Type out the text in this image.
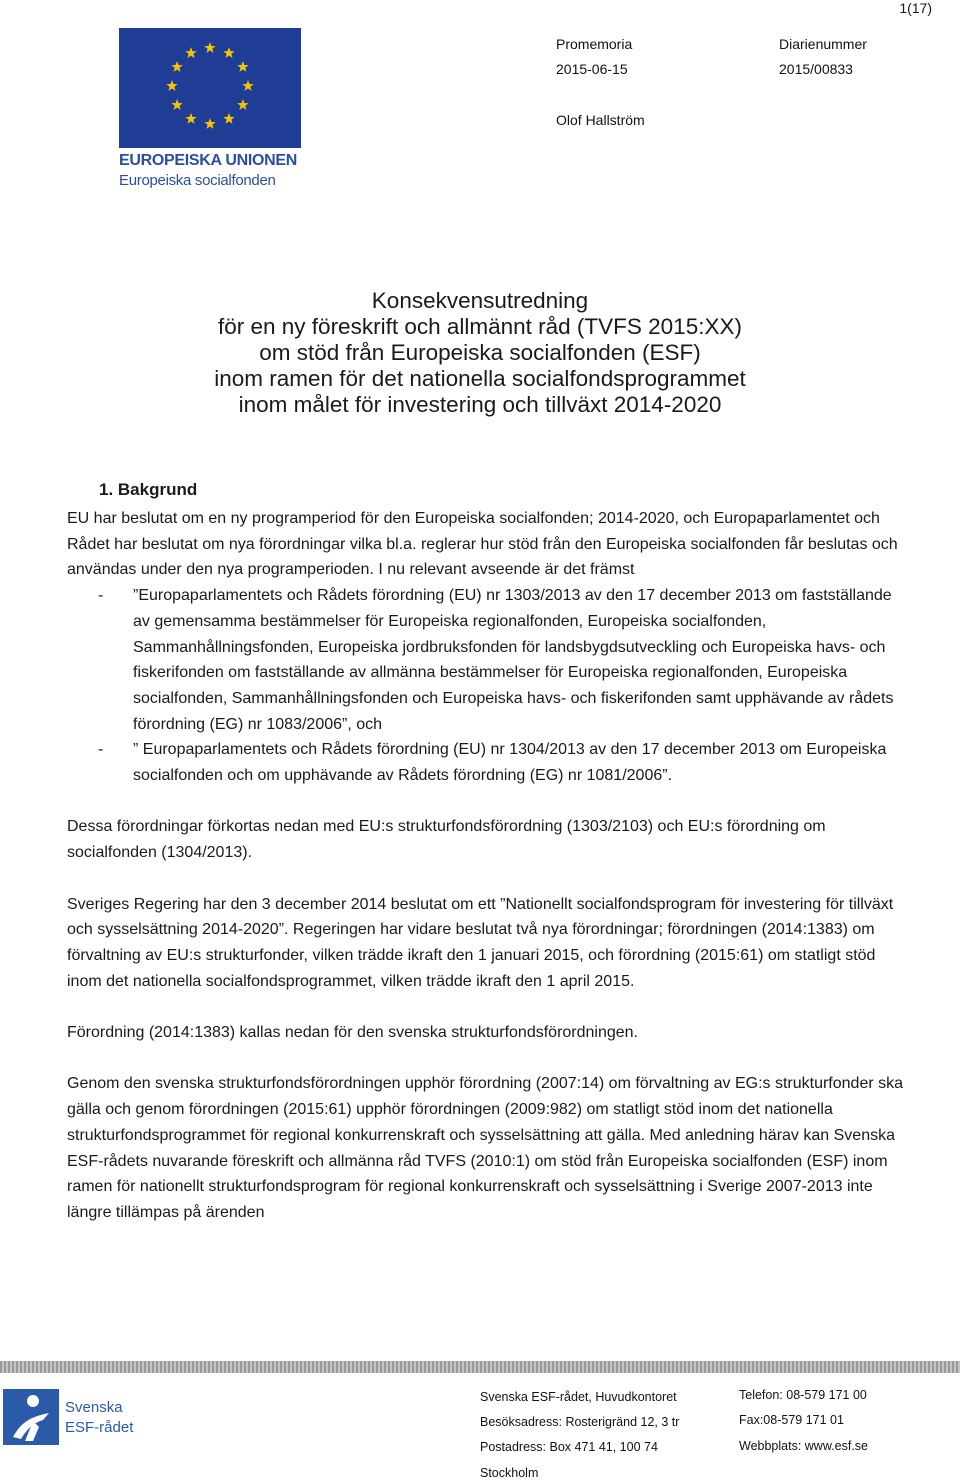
1(17)
EUROPEISKA UNIONEN
Europeiska socialfonden
Promemoria
2015-06-15
Olof Hallström
Diarienummer
2015/00833
Konsekvensutredning
för en ny föreskrift och allmännt råd (TVFS 2015:XX)
om stöd från Europeiska socialfonden (ESF)
inom ramen för det nationella socialfondsprogrammet
inom målet för investering och tillväxt 2014-2020
1. Bakgrund

EU har beslutat om en ny programperiod för den Europeiska socialfonden; 2014-2020, och Europaparlamentet och Rådet har beslutat om nya förordningar vilka bl.a. reglerar hur stöd från den Europeiska socialfonden får beslutas och användas under den nya programperioden. I nu relevant avseende är det främst

- ”Europaparlamentets och Rådets förordning (EU) nr 1303/2013 av den 17 december 2013 om fastställande av gemensamma bestämmelser för Europeiska regionalfonden, Europeiska socialfonden, Sammanhållningsfonden, Europeiska jordbruksfonden för landsbygdsutveckling och Europeiska havs- och fiskerifonden om fastställande av allmänna bestämmelser för Europeiska regionalfonden, Europeiska socialfonden, Sammanhållningsfonden och Europeiska havs- och fiskerifonden samt upphävande av rådets förordning (EG) nr 1083/2006”, och
- ” Europaparlamentets och Rådets förordning (EU) nr 1304/2013 av den 17 december 2013 om Europeiska socialfonden och om upphävande av Rådets förordning (EG) nr 1081/2006”.

Dessa förordningar förkortas nedan med EU:s strukturfondsförordning (1303/2103) och EU:s förordning om socialfonden (1304/2013).

Sveriges Regering har den 3 december 2014 beslutat om ett ”Nationellt socialfondsprogram för investering för tillväxt och sysselsättning 2014-2020”. Regeringen har vidare beslutat två nya förordningar; förordningen (2014:1383) om förvaltning av EU:s strukturfonder, vilken trädde ikraft den 1 januari 2015, och förordning (2015:61) om statligt stöd inom det nationella socialfondsprogrammet, vilken trädde ikraft den 1 april 2015.

Förordning (2014:1383) kallas nedan för den svenska strukturfondsförordningen.

Genom den svenska strukturfondsförordningen upphör förordning (2007:14) om förvaltning av EG:s strukturfonder ska gälla och genom förordningen (2015:61) upphör förordningen (2009:982) om statligt stöd inom det nationella strukturfondsprogrammet för regional konkurrenskraft och sysselsättning att gälla. Med anledning härav kan Svenska ESF-rådets nuvarande föreskrift och allmänna råd TVFS (2010:1) om stöd från Europeiska socialfonden (ESF) inom ramen för nationellt strukturfondsprogram för regional konkurrenskraft och sysselsättning i Sverige 2007-2013 inte längre tillämpas på ärenden

Svenska
ESF-rådet
Svenska ESF-rådet, Huvudkontoret
Besöksadress: Rosterigränd 12, 3 tr
Postadress: Box 471 41, 100 74
Stockholm
Telefon: 08-579 171 00
Fax:08-579 171 01
Webbplats: www.esf.se
